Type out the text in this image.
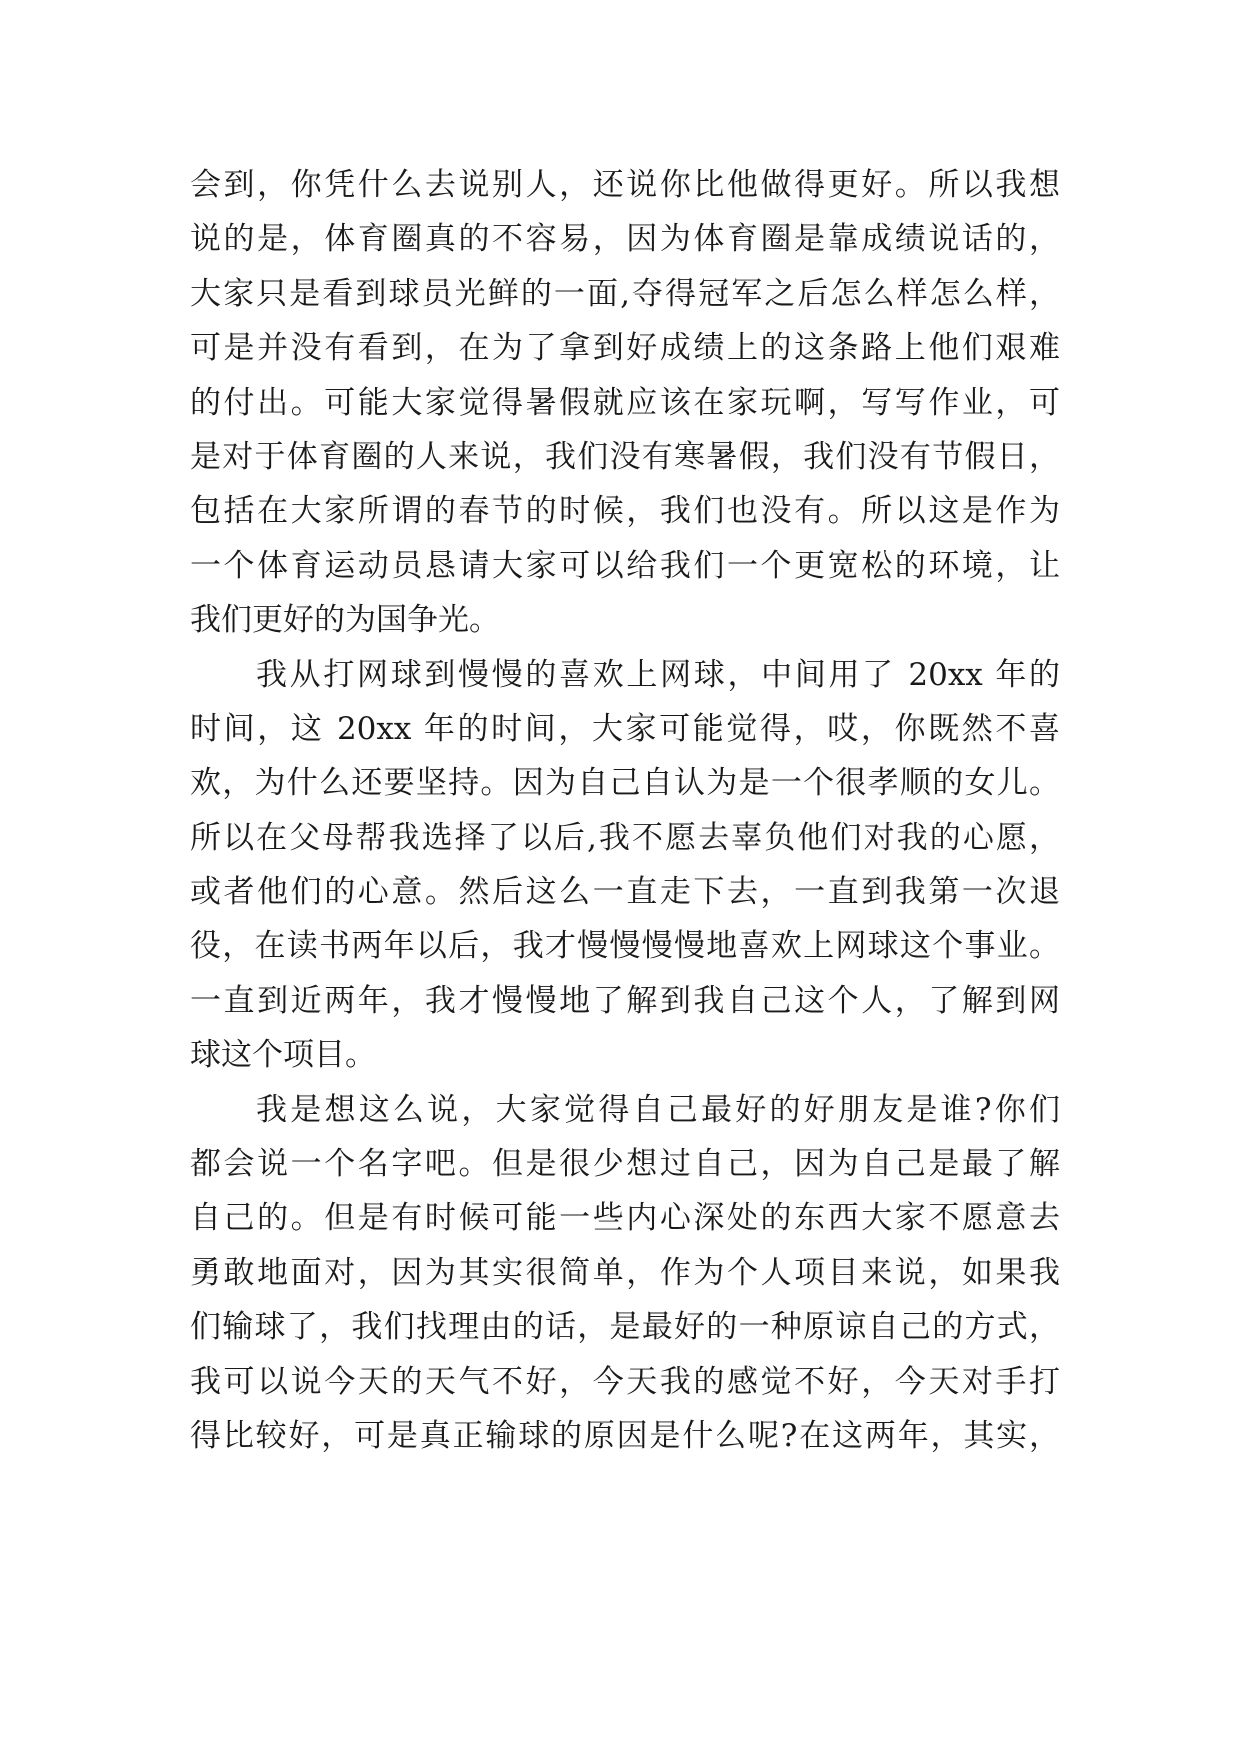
会到，你凭什么去说别人，还说你比他做得更好。所以我想
说的是，体育圈真的不容易，因为体育圈是靠成绩说话的，
大家只是看到球员光鲜的一面,夺得冠军之后怎么样怎么样，
可是并没有看到，在为了拿到好成绩上的这条路上他们艰难
的付出。可能大家觉得暑假就应该在家玩啊，写写作业，可
是对于体育圈的人来说，我们没有寒暑假，我们没有节假日，
包括在大家所谓的春节的时候，我们也没有。所以这是作为
一个体育运动员恳请大家可以给我们一个更宽松的环境，让
我们更好的为国争光。
我从打网球到慢慢的喜欢上网球，中间用了 20xx 年的
时间，这 20xx 年的时间，大家可能觉得，哎，你既然不喜
欢，为什么还要坚持。因为自己自认为是一个很孝顺的女儿。
所以在父母帮我选择了以后,我不愿去辜负他们对我的心愿，
或者他们的心意。然后这么一直走下去，一直到我第一次退
役，在读书两年以后，我才慢慢慢慢地喜欢上网球这个事业。
一直到近两年，我才慢慢地了解到我自己这个人，了解到网
球这个项目。
我是想这么说，大家觉得自己最好的好朋友是谁?你们
都会说一个名字吧。但是很少想过自己，因为自己是最了解
自己的。但是有时候可能一些内心深处的东西大家不愿意去
勇敢地面对，因为其实很简单，作为个人项目来说，如果我
们输球了，我们找理由的话，是最好的一种原谅自己的方式，
我可以说今天的天气不好，今天我的感觉不好，今天对手打
得比较好，可是真正输球的原因是什么呢?在这两年，其实，
